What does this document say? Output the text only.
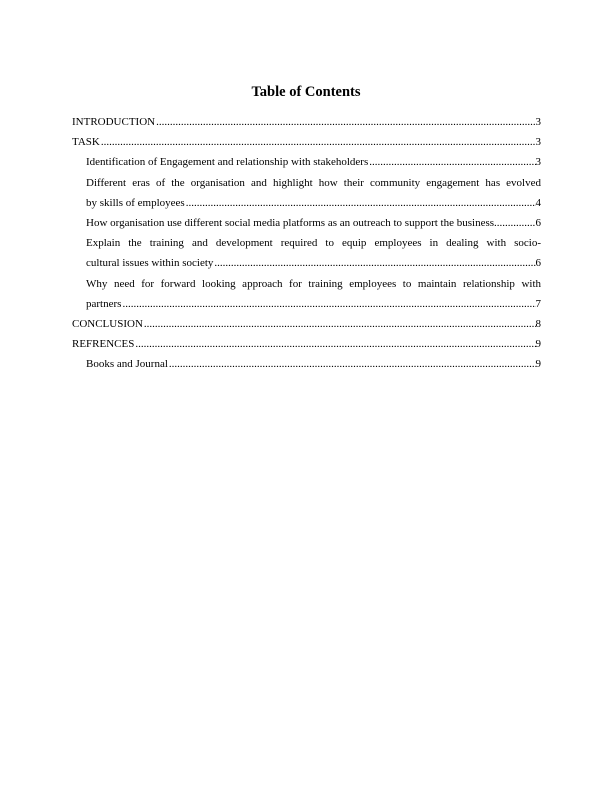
Table of Contents
INTRODUCTION .....	3
TASK .....	3
Identification of Engagement and relationship with stakeholders .....	3
Different eras of the organisation and highlight how their community engagement has evolved
by skills of employees .....	4
How organisation use different social media platforms as an outreach to support the business .....	6
Explain the training and development required to equip employees in dealing with socio-
cultural issues within society .....	6
Why need for forward looking approach for training employees to maintain relationship with
partners .....	7
CONCLUSION .....	8
REFRENCES .....	9
Books and Journal .....	9
